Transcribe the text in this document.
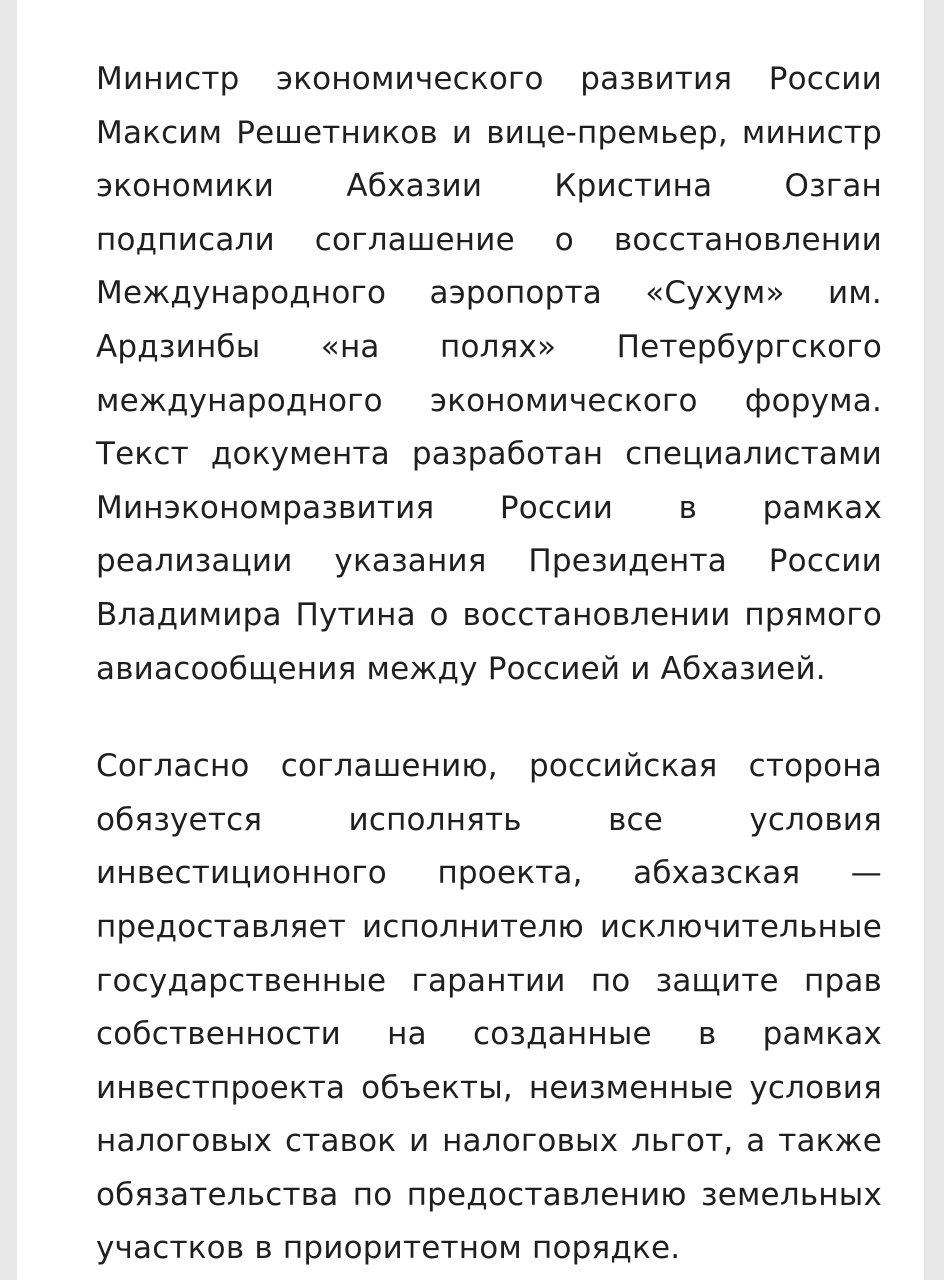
Министр экономического развития России
Максим Решетников и вице-премьер, министр
экономики Абхазии Кристина Озган
подписали соглашение о восстановлении
Международного аэропорта «Сухум» им.
Ардзинбы «на полях» Петербургского
международного экономического форума.
Текст документа разработан специалистами
Минэкономразвития России в рамках
реализации указания Президента России
Владимира Путина о восстановлении прямого
авиасообщения между Россией и Абхазией.
Согласно соглашению, российская сторона
обязуется исполнять все условия
инвестиционного проекта, абхазская —
предоставляет исполнителю исключительные
государственные гарантии по защите прав
собственности на созданные в рамках
инвестпроекта объекты, неизменные условия
налоговых ставок и налоговых льгот, а также
обязательства по предоставлению земельных
участков в приоритетном порядке.
